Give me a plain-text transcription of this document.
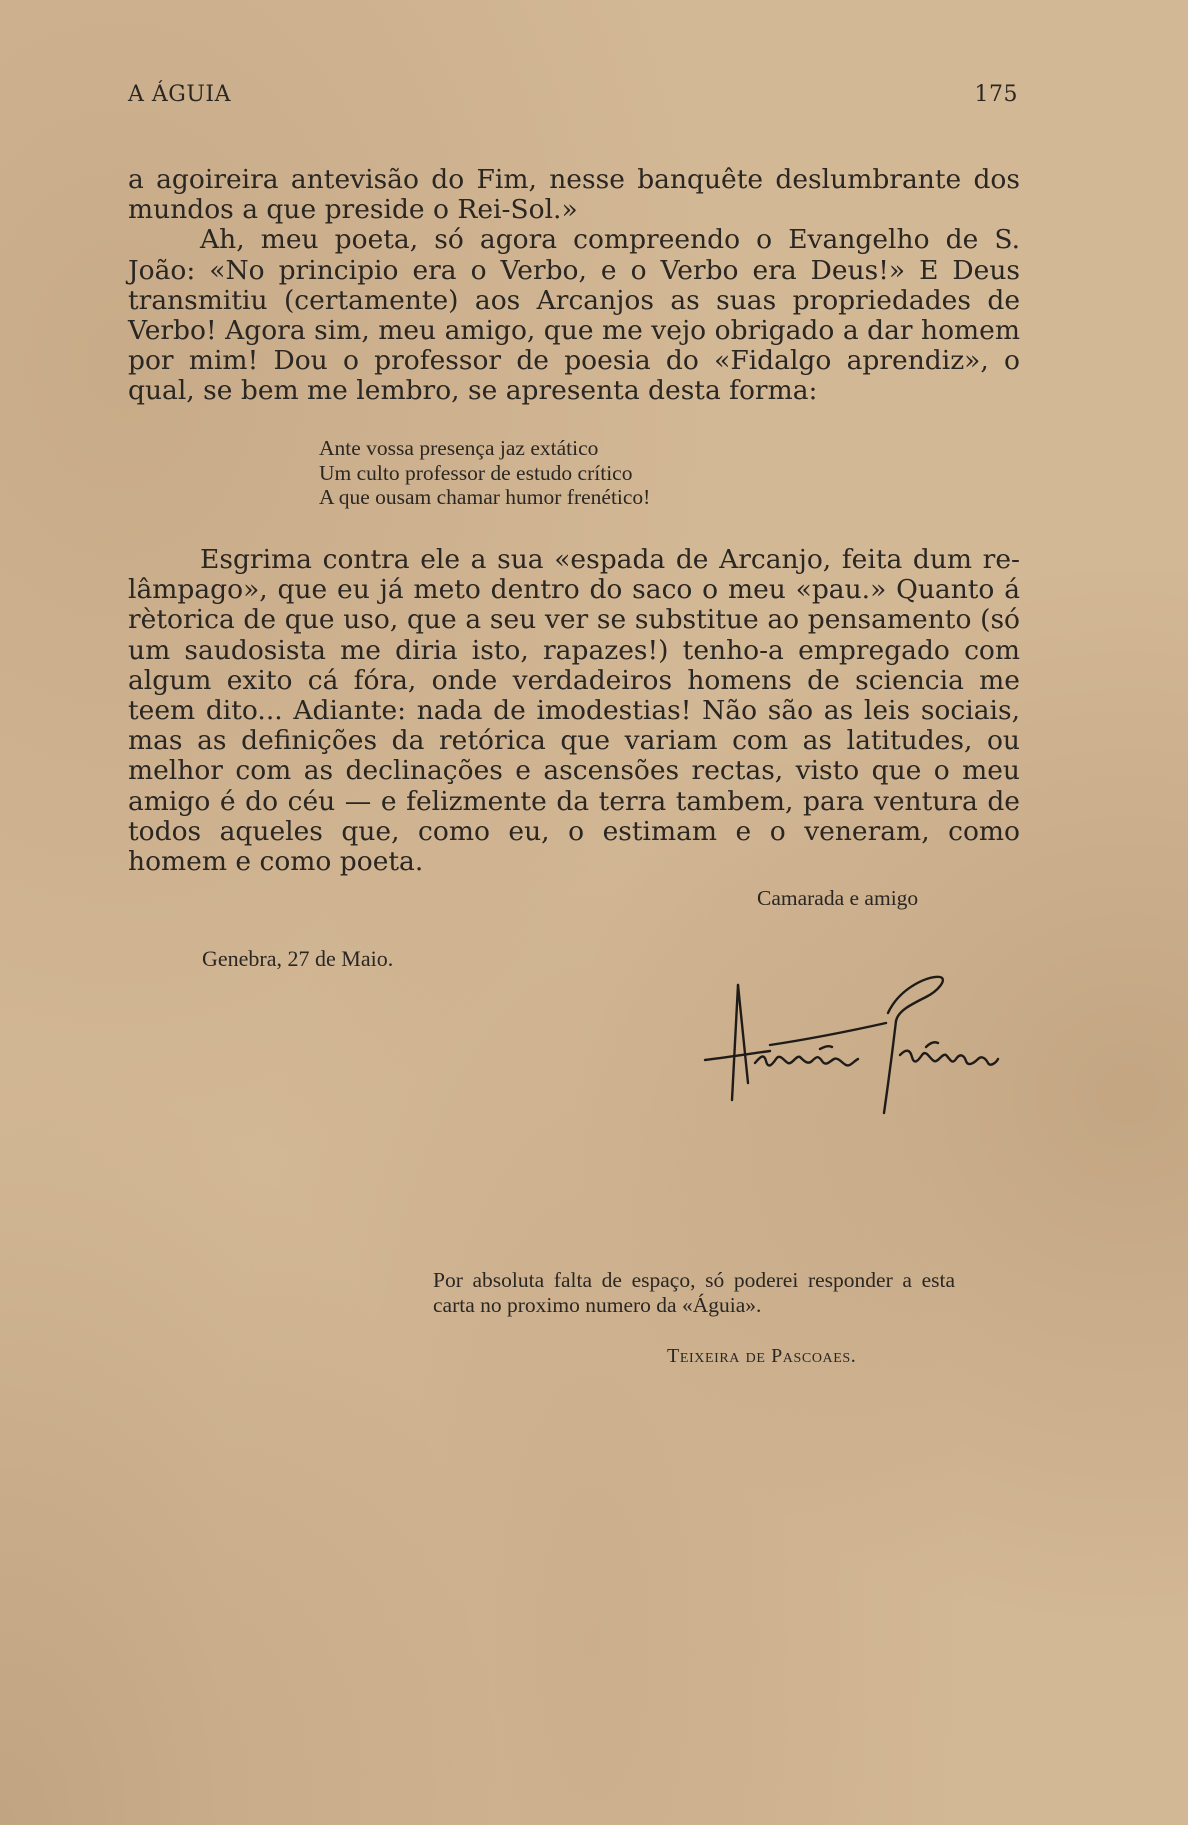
A ÁGUIA	175

a agoireira antevisão do Fim, nesse banquête deslumbrante dos mundos a que preside o Rei-Sol.»

Ah, meu poeta, só agora compreendo o Evangelho de S. João: «No principio era o Verbo, e o Verbo era Deus!» E Deus transmitiu (certamente) aos Arcanjos as suas propriedades de Verbo! Agora sim, meu amigo, que me vejo obrigado a dar homem por mim! Dou o professor de poesia do «Fidalgo aprendiz», o qual, se bem me lembro, se apresenta desta forma:

Ante vossa presença jaz extático
Um culto professor de estudo crítico
A que ousam chamar humor frenético!

Esgrima contra ele a sua «espada de Arcanjo, feita dum relâmpago», que eu já meto dentro do saco o meu «pau.» Quanto á rètorica de que uso, que a seu ver se substitue ao pensamento (só um saudosista me diria isto, rapazes!) tenho-a empregado com algum exito cá fóra, onde verdadeiros homens de sciencia me teem dito... Adiante: nada de imodestias! Não são as leis sociais, mas as definições da retórica que variam com as latitudes, ou melhor com as declinações e ascensões rectas, visto que o meu amigo é do céu — e felizmente da terra tambem, para ventura de todos aqueles que, como eu, o estimam e o veneram, como homem e como poeta.

Camarada e amigo
Genebra, 27 de Maio.
Por absoluta falta de espaço, só poderei responder a esta carta no proximo numero da «Águia».
Teixeira de Pascoaes.
